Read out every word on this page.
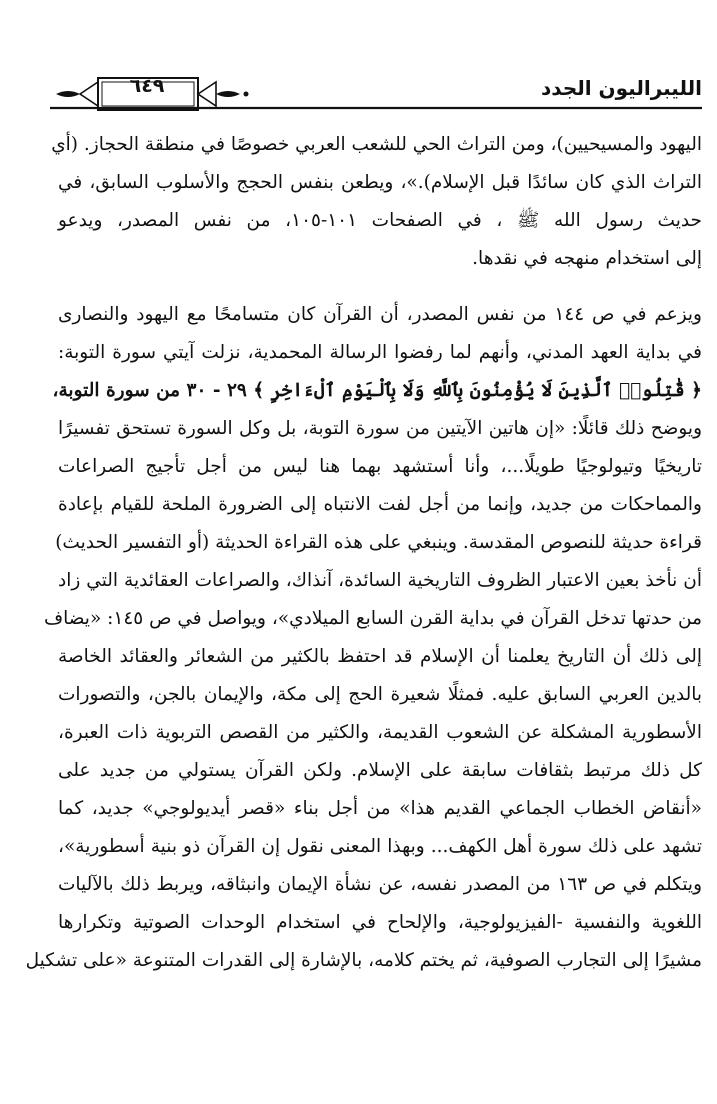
٦٤٩	الليبراليون الجدد
اليهود والمسيحيين)، ومن التراث الحي للشعب العربي خصوصًا في منطقة الحجاز. (أي
التراث الذي كان سائدًا قبل الإسلام).»، ويطعن بنفس الحجج والأسلوب السابق، في
حديث رسول الله ﷺ ، في الصفحات ١٠١-١٠٥، من نفس المصدر، ويدعو
إلى استخدام منهجه في نقدها.
ويزعم في ص ١٤٤ من نفس المصدر، أن القرآن كان متسامحًا مع اليهود والنصارى
في بداية العهد المدني، وأنهم لما رفضوا الرسالة المحمدية، نزلت آيتي سورة التوبة:
﴿ قَٰتِلُوا۟ ٱلَّذِينَ لَا يُؤْمِنُونَ بِٱللَّهِ وَلَا بِٱلْيَوْمِ ٱلْءَاخِرِ ﴾ ٢٩ - ٣٠ من سورة التوبة،
ويوضح ذلك قائلًا: «إن هاتين الآيتين من سورة التوبة، بل وكل السورة تستحق تفسيرًا
تاريخيًا وتيولوجيًا طويلًا...، وأنا أستشهد بهما هنا ليس من أجل تأجيج الصراعات
والمماحكات من جديد، وإنما من أجل لفت الانتباه إلى الضرورة الملحة للقيام بإعادة
قراءة حديثة للنصوص المقدسة. وينبغي على هذه القراءة الحديثة (أو التفسير الحديث)
أن نأخذ بعين الاعتبار الظروف التاريخية السائدة، آنذاك، والصراعات العقائدية التي زاد
من حدتها تدخل القرآن في بداية القرن السابع الميلادي»، ويواصل في ص ١٤٥: «يضاف
إلى ذلك أن التاريخ يعلمنا أن الإسلام قد احتفظ بالكثير من الشعائر والعقائد الخاصة
بالدين العربي السابق عليه. فمثلًا شعيرة الحج إلى مكة، والإيمان بالجن، والتصورات
الأسطورية المشكلة عن الشعوب القديمة، والكثير من القصص التربوية ذات العبرة،
كل ذلك مرتبط بثقافات سابقة على الإسلام. ولكن القرآن يستولي من جديد على
«أنقاض الخطاب الجماعي القديم هذا» من أجل بناء «قصر أيديولوجي» جديد، كما
تشهد على ذلك سورة أهل الكهف... وبهذا المعنى نقول إن القرآن ذو بنية أسطورية»،
ويتكلم في ص ١٦٣ من المصدر نفسه، عن نشأة الإيمان وانبثاقه، ويربط ذلك بالآليات
اللغوية والنفسية -الفيزيولوجية، والإلحاح في استخدام الوحدات الصوتية وتكرارها
مشيرًا إلى التجارب الصوفية، ثم يختم كلامه، بالإشارة إلى القدرات المتنوعة «على تشكيل
